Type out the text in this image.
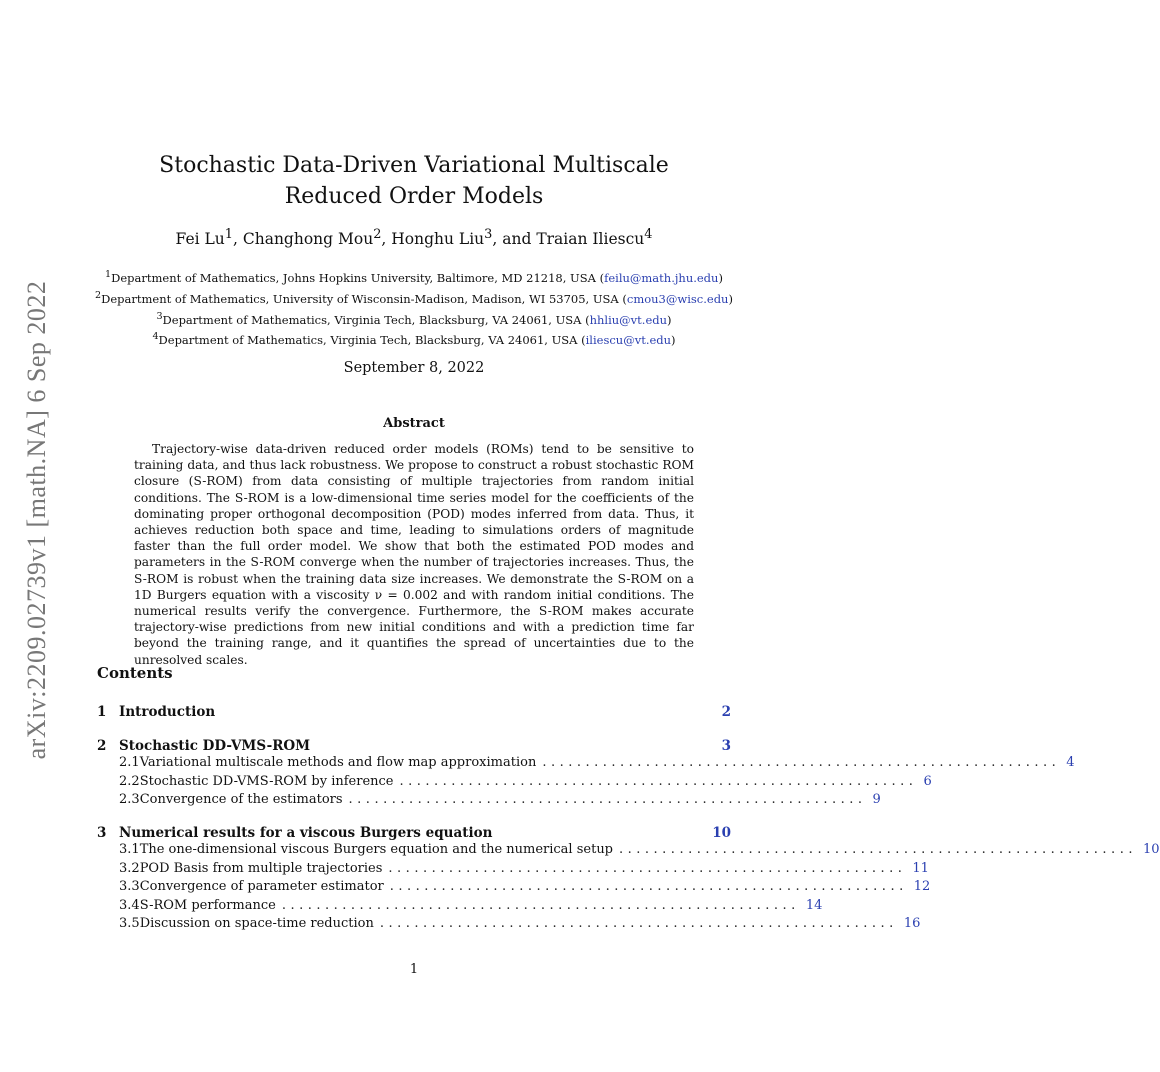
arXiv:2209.02739v1 [math.NA] 6 Sep 2022
Stochastic Data-Driven Variational Multiscale
Reduced Order Models
Fei Lu$^1$, Changhong Mou$^2$, Honghu Liu$^3$, and Traian Iliescu$^4$
$^1$Department of Mathematics, Johns Hopkins University, Baltimore, MD 21218, USA (feilu@math.jhu.edu)
$^2$Department of Mathematics, University of Wisconsin-Madison, Madison, WI 53705, USA (cmou3@wisc.edu)
$^3$Department of Mathematics, Virginia Tech, Blacksburg, VA 24061, USA (hhliu@vt.edu)
$^4$Department of Mathematics, Virginia Tech, Blacksburg, VA 24061, USA (iliescu@vt.edu)
September 8, 2022
Abstract
Trajectory-wise data-driven reduced order models (ROMs) tend to be sensitive to training data, and thus lack robustness. We propose to construct a robust stochastic ROM closure (S-ROM) from data consisting of multiple trajectories from random initial conditions. The S-ROM is a low-dimensional time series model for the coefficients of the dominating proper orthogonal decomposition (POD) modes inferred from data. Thus, it achieves reduction both space and time, leading to simulations orders of magnitude faster than the full order model. We show that both the estimated POD modes and parameters in the S-ROM converge when the number of trajectories increases. Thus, the S-ROM is robust when the training data size increases. We demonstrate the S-ROM on a 1D Burgers equation with a viscosity ν = 0.002 and with random initial conditions. The numerical results verify the convergence. Furthermore, the S-ROM makes accurate trajectory-wise predictions from new initial conditions and with a prediction time far beyond the training range, and it quantifies the spread of uncertainties due to the unresolved scales.
Contents
1 Introduction	2
2 Stochastic DD-VMS-ROM	3
2.1 Variational multiscale methods and flow map approximation ............................................................ 4
2.2 Stochastic DD-VMS-ROM by inference ............................................................ 6
2.3 Convergence of the estimators ............................................................ 9
3 Numerical results for a viscous Burgers equation	10
3.1 The one-dimensional viscous Burgers equation and the numerical setup ............................................................ 10
3.2 POD Basis from multiple trajectories ............................................................ 11
3.3 Convergence of parameter estimator ............................................................ 12
3.4 S-ROM performance ............................................................ 14
3.5 Discussion on space-time reduction ............................................................ 16
1
